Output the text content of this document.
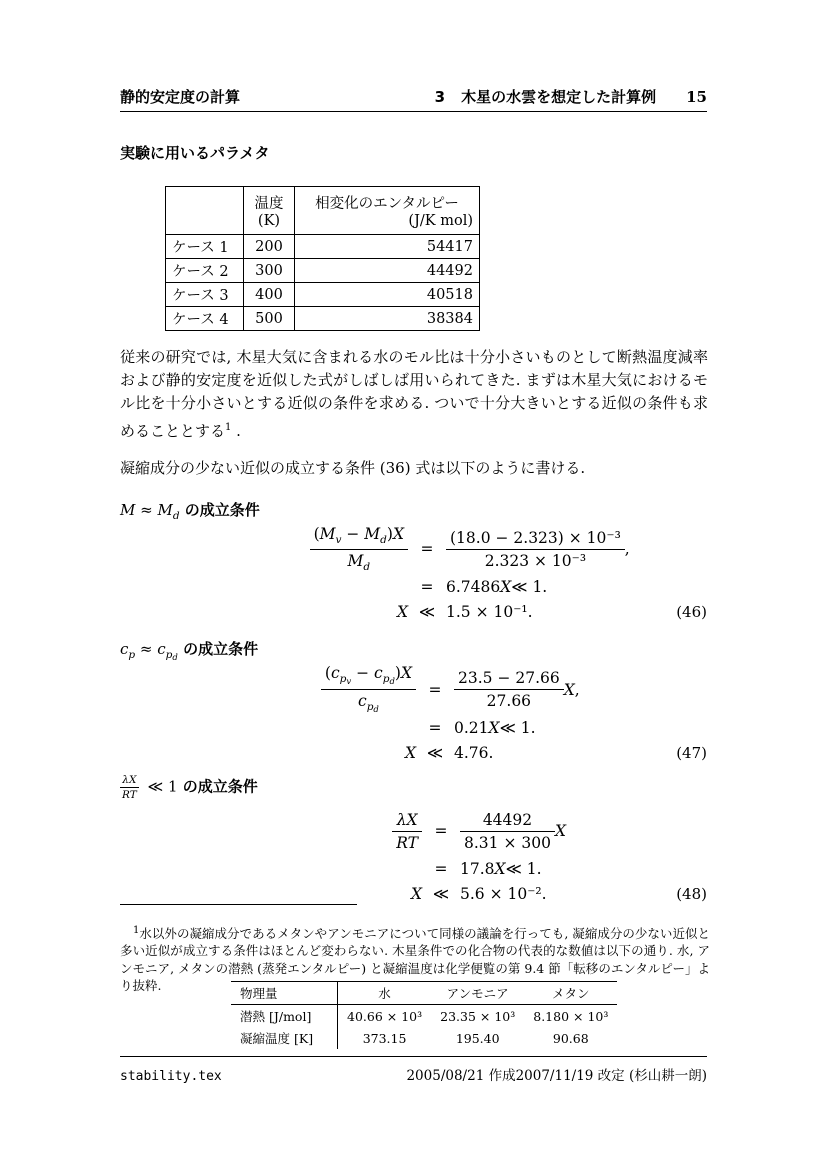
静的安定度の計算	3 木星の水雲を想定した計算例 15
実験に用いるパラメタ

	温度
(K)	相変化のエンタルピー
(J/K mol)

ケース 1	200	54417
ケース 2	300	44492
ケース 3	400	40518
ケース 4	500	38384

従来の研究では, 木星大気に含まれる水のモル比は十分小さいものとして断熱温度減率および静的安定度を近似した式がしばしば用いられてきた. まずは木星大気におけるモル比を十分小さいとする近似の条件を求める. ついで十分大きいとする近似の条件も求めることとする$^1$ .

凝縮成分の少ない近似の成立する条件 (36) 式は以下のように書ける.

$M \approx M_d$ の成立条件
$\frac{(M_v - M_d)X}{M_d} = \frac{\text{(18.0 − 2.323) × 10⁻³}}{\text{2.323 × 10⁻³}}$ ,
= 6.7486 X ≪ 1.
X ≪ 1.5 × 10⁻¹.	(46)
$c_p \approx c_{pd}$ の成立条件
$\frac{(c_{pv} - c_{pd})X}{c_{pd}} = \frac{23.5 - 27.66}{27.66}$ X ,
= 0.21 X ≪ 1.
X ≪ 4.76.	(47)
$\frac{\lambda X}{RT}$ ≪ 1 の成立条件
$\frac{\lambda X}{RT} = \frac{44492}{8.31 \times 300}$ X
= 17.8 X ≪ 1.
X ≪ 5.6 × 10⁻².	(48)

$^1$水以外の凝縮成分であるメタンやアンモニアについて同様の議論を行っても, 凝縮成分の少ない近似と多い近似が成立する条件はほとんど変わらない. 木星条件での化合物の代表的な数値は以下の通り. 水, アンモニア, メタンの潜熱 (蒸発エンタルピー) と凝縮温度は化学便覧の第 9.4 節「転移のエンタルピー」より抜粋.

物理量	水	アンモニア	メタン
潜熱 [J/mol]	40.66 × 10³	23.35 × 10³	8.180 × 10³
凝縮温度 [K]	373.15	195.40	90.68
stability.tex	2005/08/21 作成2007/11/19 改定 (杉山耕一朗)
